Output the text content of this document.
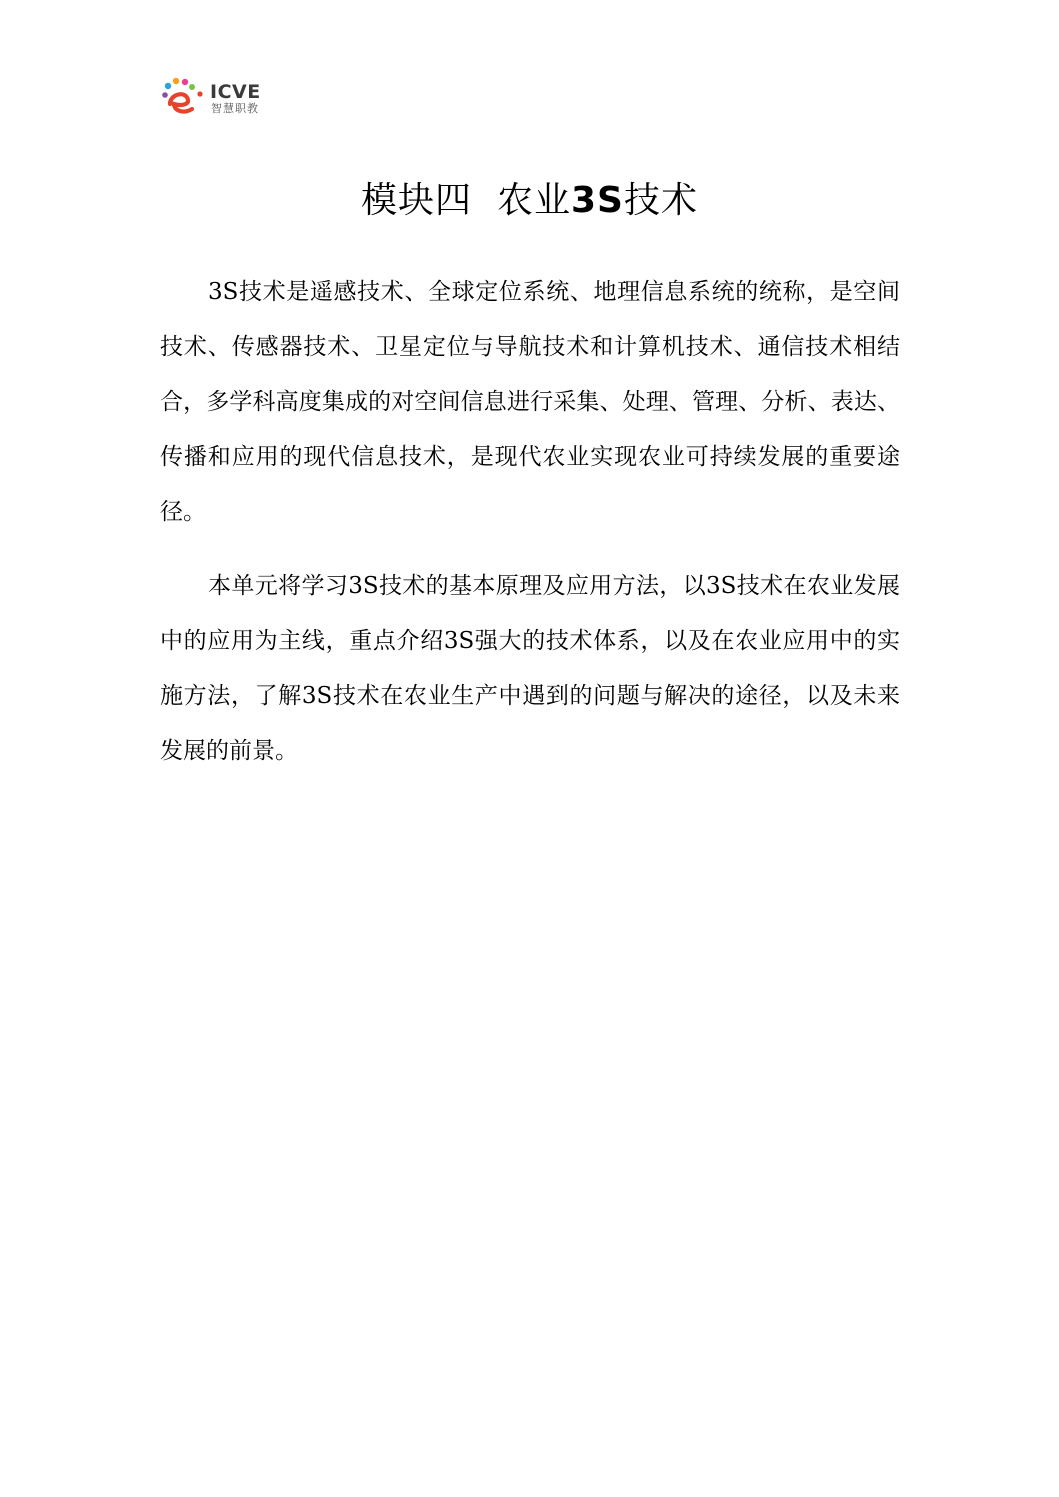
ICVE
智慧职教
模块四 农业3S技术

3S技术是遥感技术、全球定位系统、地理信息系统的统称，是空间技术、传感器技术、卫星定位与导航技术和计算机技术、通信技术相结合，多学科高度集成的对空间信息进行采集、处理、管理、分析、表达、传播和应用的现代信息技术，是现代农业实现农业可持续发展的重要途径。

本单元将学习3S技术的基本原理及应用方法，以3S技术在农业发展中的应用为主线，重点介绍3S强大的技术体系，以及在农业应用中的实施方法，了解3S技术在农业生产中遇到的问题与解决的途径，以及未来发展的前景。
